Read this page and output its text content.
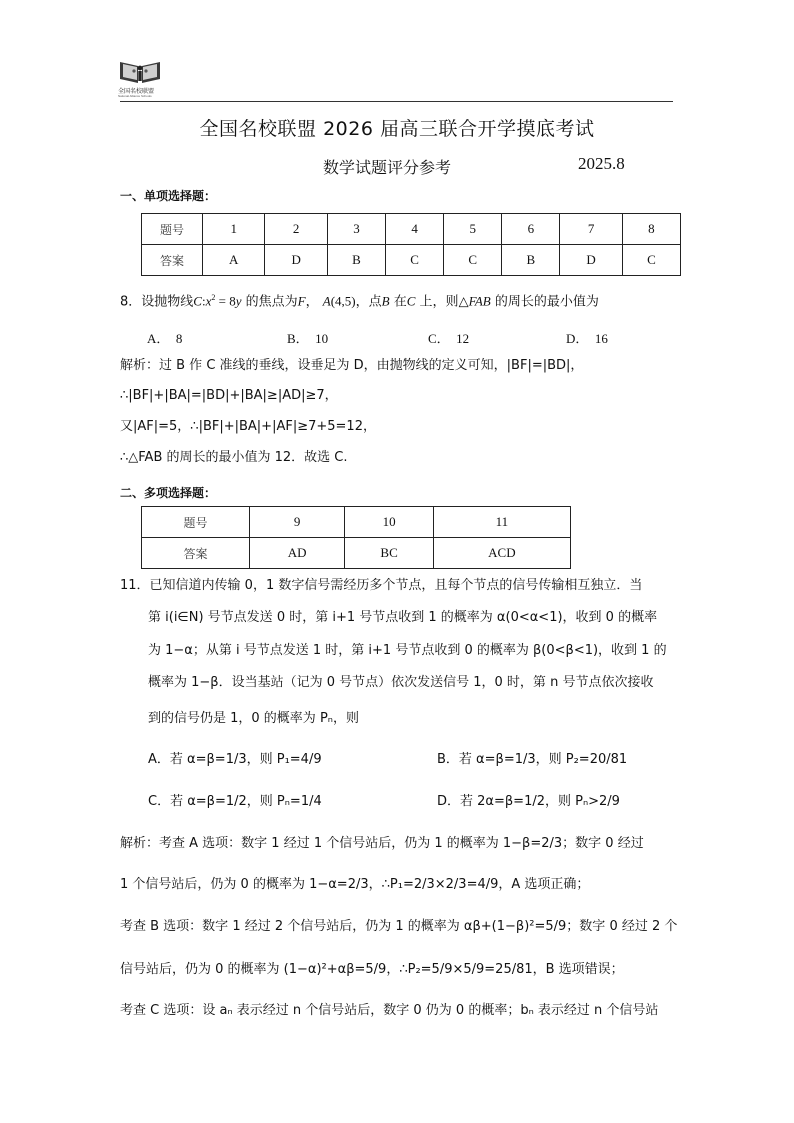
全国名校联盟
National Alliance Schools
全国名校联盟 2026 届高三联合开学摸底考试
数学试题评分参考	2025.8
一、单项选择题：
题号	1	2	3	4	5	6	7	8
答案	A	D	B	C	C	B	D	C
8．设抛物线$C:x^2 = 8y$ 的焦点为F， A(4,5)，点B 在C 上，则△FAB 的周长的最小值为
A． 8	B． 10	C． 12	D． 16
解析：过 B 作 C 准线的垂线，设垂足为 D，由抛物线的定义可知，|BF|=|BD|，
∴|BF|+|BA|=|BD|+|BA|≥|AD|≥7，
又|AF|=5，∴|BF|+|BA|+|AF|≥7+5=12，
∴△FAB 的周长的最小值为 12．故选 C.
二、多项选择题：
题号	9	10	11
答案	AD	BC	ACD
11．已知信道内传输 0，1 数字信号需经历多个节点，且每个节点的信号传输相互独立．当
第 i(i∈N) 号节点发送 0 时，第 i+1 号节点收到 1 的概率为 α(0<α<1)，收到 0 的概率
为 1−α；从第 i 号节点发送 1 时，第 i+1 号节点收到 0 的概率为 β(0<β<1)，收到 1 的
概率为 1−β．设当基站（记为 0 号节点）依次发送信号 1，0 时，第 n 号节点依次接收
到的信号仍是 1，0 的概率为 Pₙ，则
A．若 α=β=1/3，则 P₁=4/9	B．若 α=β=1/3，则 P₂=20/81
C．若 α=β=1/2，则 Pₙ=1/4	D．若 2α=β=1/2，则 Pₙ>2/9
解析：考查 A 选项：数字 1 经过 1 个信号站后，仍为 1 的概率为 1−β=2/3；数字 0 经过
1 个信号站后，仍为 0 的概率为 1−α=2/3，∴P₁=2/3×2/3=4/9，A 选项正确；
考查 B 选项：数字 1 经过 2 个信号站后，仍为 1 的概率为 αβ+(1−β)²=5/9；数字 0 经过 2 个
信号站后，仍为 0 的概率为 (1−α)²+αβ=5/9，∴P₂=5/9×5/9=25/81，B 选项错误；
考查 C 选项：设 aₙ 表示经过 n 个信号站后，数字 0 仍为 0 的概率；bₙ 表示经过 n 个信号站
